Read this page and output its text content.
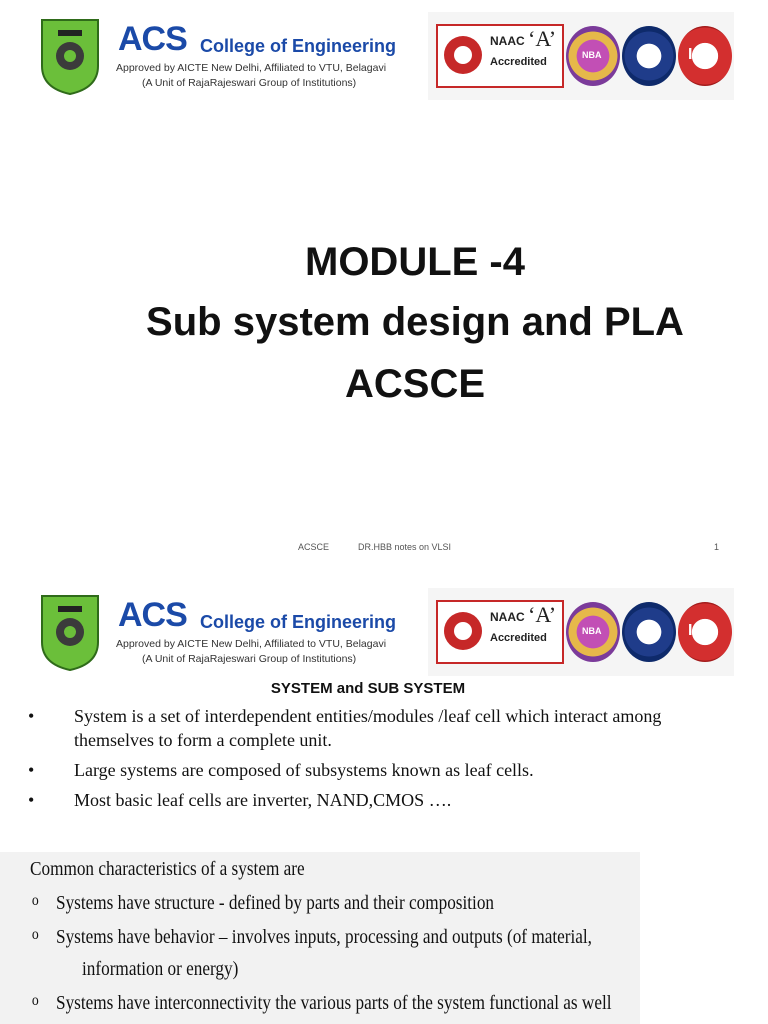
ACS College of Engineering
Approved by AICTE New Delhi, Affiliated to VTU, Belagavi
(A Unit of RajaRajeswari Group of Institutions)
NAAC ‘A’
Accredited
NBA	ISO
MODULE -4
Sub system design and PLA
ACSCE
ACSCE	DR.HBB notes on VLSI	1
ACS College of Engineering
Approved by AICTE New Delhi, Affiliated to VTU, Belagavi
(A Unit of RajaRajeswari Group of Institutions)
NAAC ‘A’
Accredited
NBA	ISO
SYSTEM and SUB SYSTEM
• System is a set of interdependent entities/modules /leaf cell which interact among themselves to form a complete unit.
• Large systems are composed of subsystems known as leaf cells.
• Most basic leaf cells are inverter, NAND,CMOS ….
Common characteristics of a system are
o Systems have structure - defined by parts and their composition
o Systems have behavior – involves inputs, processing and outputs (of material,
information or energy)
o Systems have interconnectivity the various parts of the system functional as well
